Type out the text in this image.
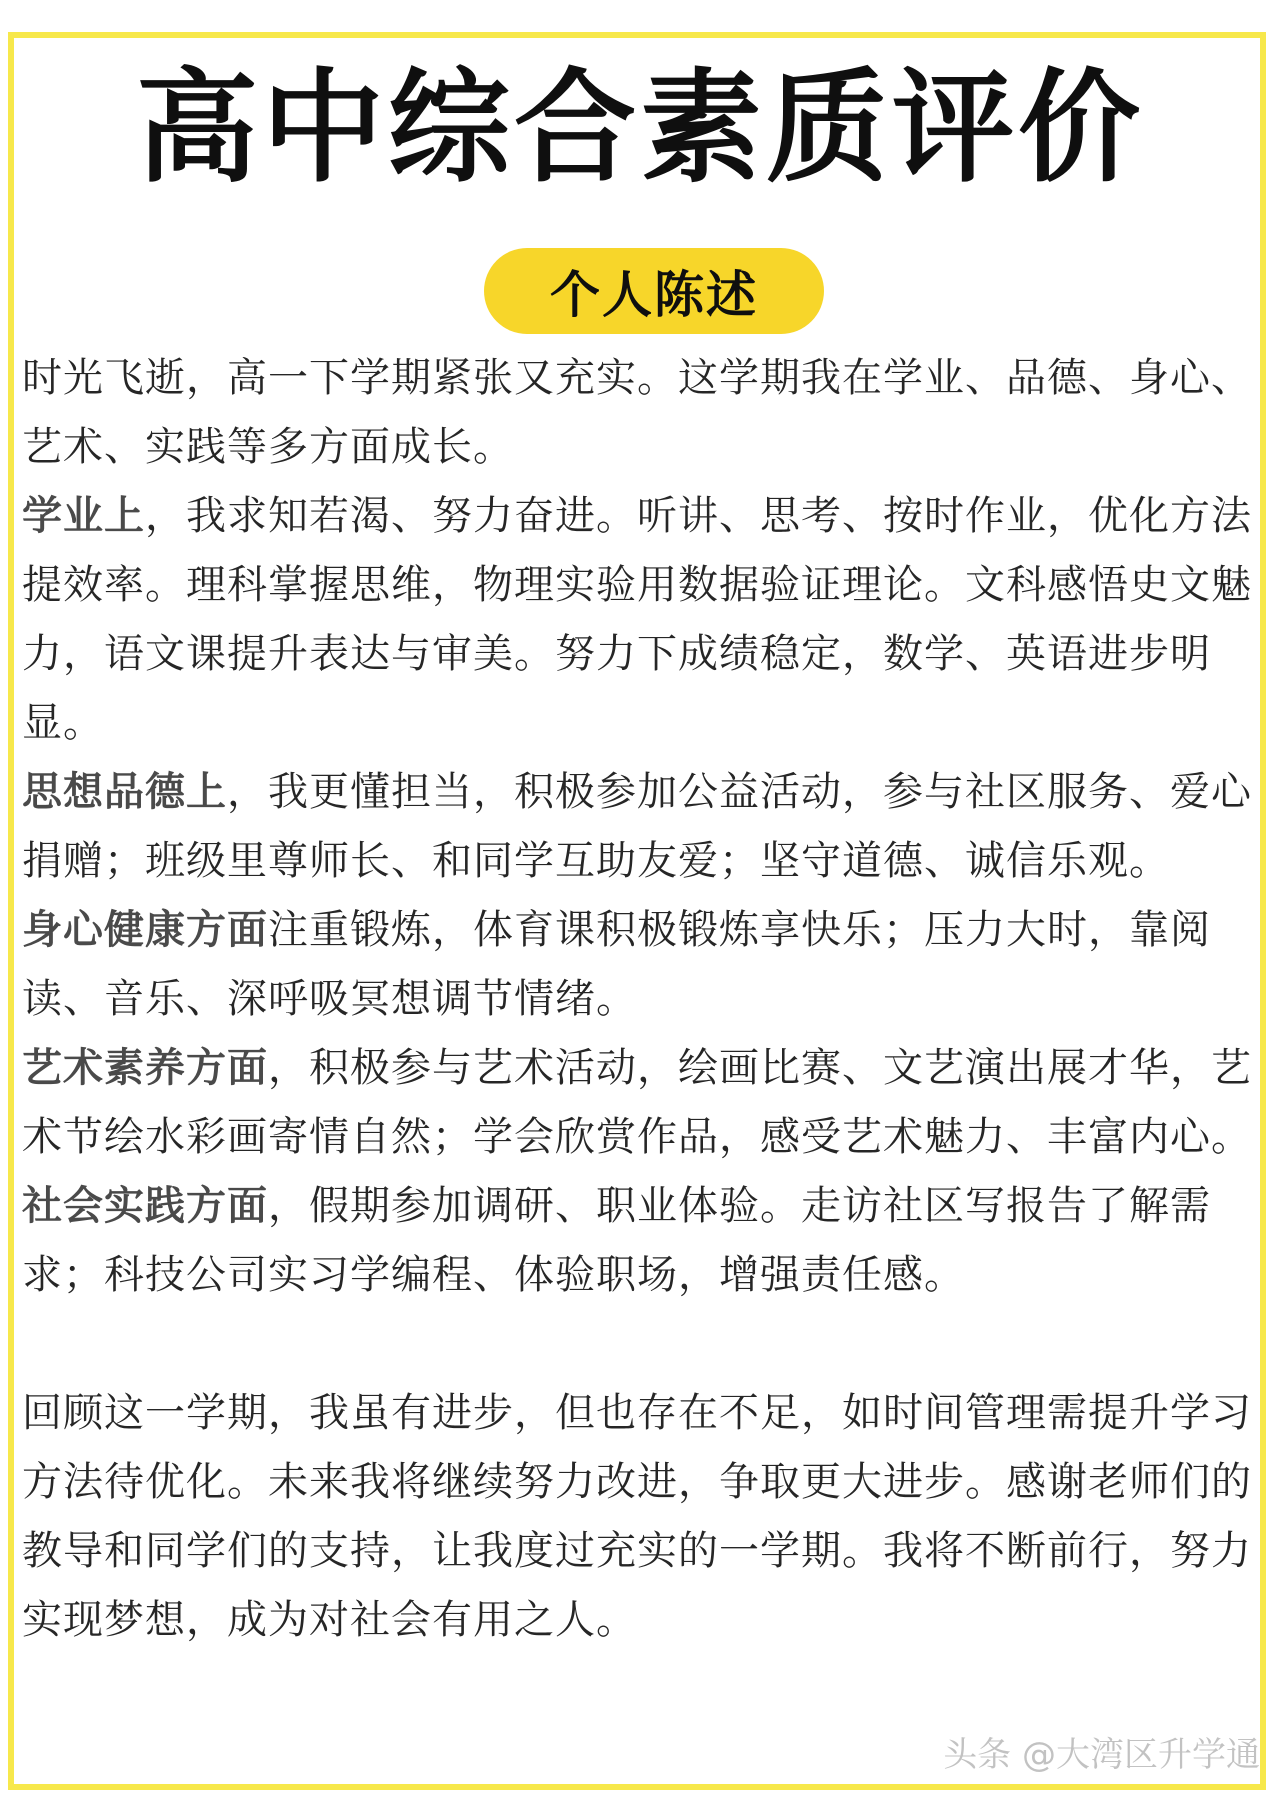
高中综合素质评价
个人陈述

时光飞逝，高一下学期紧张又充实。这学期我在学业、品德、身心、艺术、实践等多方面成长。

学业上，我求知若渴、努力奋进。听讲、思考、按时作业，优化方法提效率。理科掌握思维，物理实验用数据验证理论。文科感悟史文魅力，语文课提升表达与审美。努力下成绩稳定，数学、英语进步明显。

思想品德上，我更懂担当，积极参加公益活动，参与社区服务、爱心捐赠；班级里尊师长、和同学互助友爱；坚守道德、诚信乐观。

身心健康方面注重锻炼，体育课积极锻炼享快乐；压力大时，靠阅读、音乐、深呼吸冥想调节情绪。

艺术素养方面，积极参与艺术活动，绘画比赛、文艺演出展才华，艺术节绘水彩画寄情自然；学会欣赏作品，感受艺术魅力、丰富内心。

社会实践方面，假期参加调研、职业体验。走访社区写报告了解需求；科技公司实习学编程、体验职场，增强责任感。

回顾这一学期，我虽有进步，但也存在不足，如时间管理需提升学习方法待优化。未来我将继续努力改进，争取更大进步。感谢老师们的教导和同学们的支持，让我度过充实的一学期。我将不断前行，努力实现梦想，成为对社会有用之人。

头条 @大湾区升学通
